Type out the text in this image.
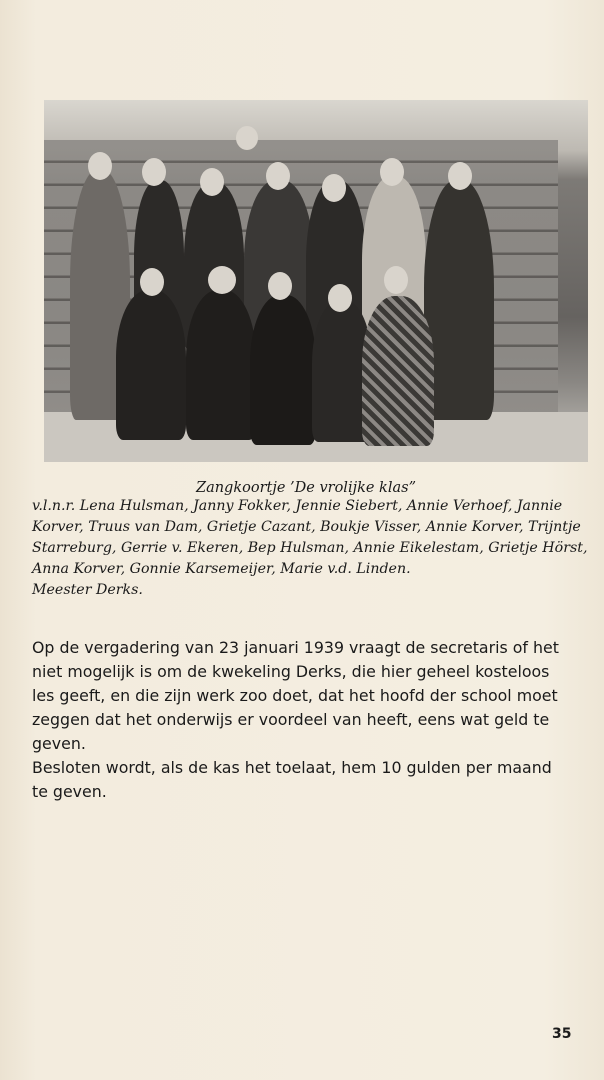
Zangkoortje ’De vrolijke klas”
v.l.n.r. Lena Hulsman, Janny Fokker, Jennie Siebert, Annie Verhoef, Jannie
Korver, Truus van Dam, Grietje Cazant, Boukje Visser, Annie Korver, Trijntje
Starreburg, Gerrie v. Ekeren, Bep Hulsman, Annie Eikelestam, Grietje Hörst,
Anna Korver, Gonnie Karsemeijer, Marie v.d. Linden.
Meester Derks.
Op de vergadering van 23 januari 1939 vraagt de secretaris of het
niet mogelijk is om de kwekeling Derks, die hier geheel kosteloos
les geeft, en die zijn werk zoo doet, dat het hoofd der school moet
zeggen dat het onderwijs er voordeel van heeft, eens wat geld te
geven.
Besloten wordt, als de kas het toelaat, hem 10 gulden per maand
te geven.
35
